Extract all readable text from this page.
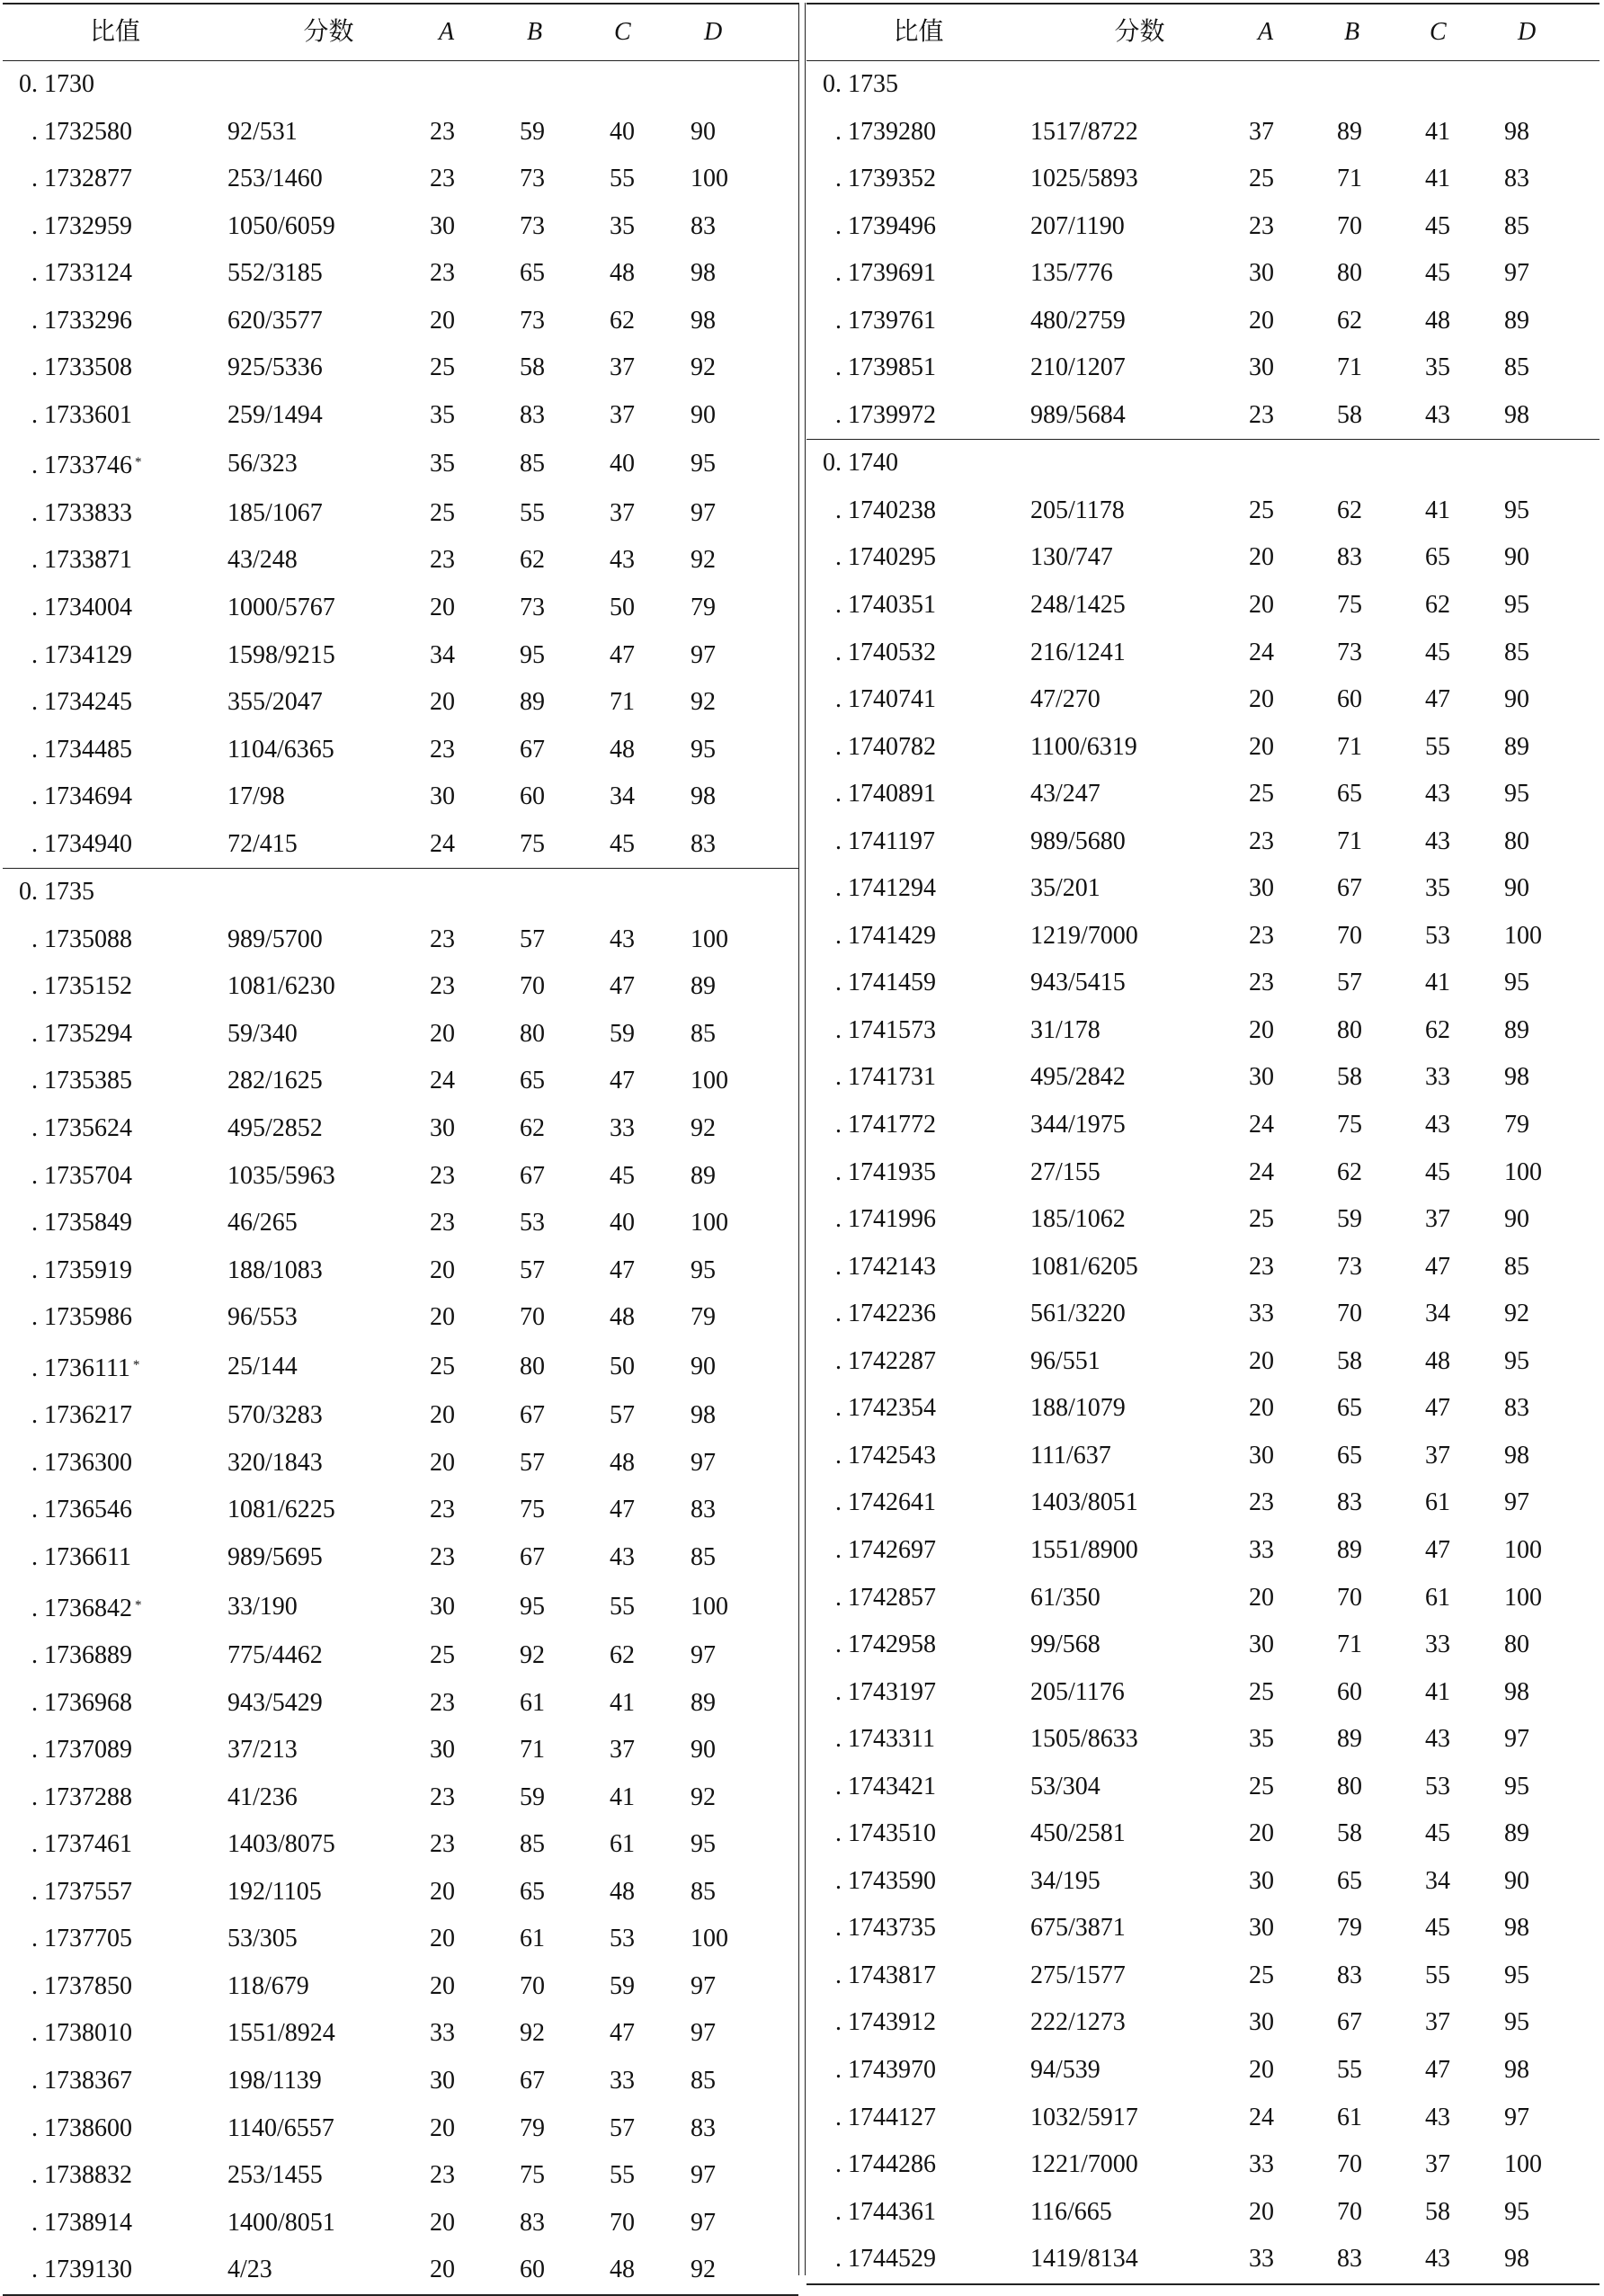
比值	分数	A	B	C	D
0. 1730					
. 1732580	92/531	23	59	40	90
. 1732877	253/1460	23	73	55	100
. 1732959	1050/6059	30	73	35	83
. 1733124	552/3185	23	65	48	98
. 1733296	620/3577	20	73	62	98
. 1733508	925/5336	25	58	37	92
. 1733601	259/1494	35	83	37	90
. 1733746 *	56/323	35	85	40	95
. 1733833	185/1067	25	55	37	97
. 1733871	43/248	23	62	43	92
. 1734004	1000/5767	20	73	50	79
. 1734129	1598/9215	34	95	47	97
. 1734245	355/2047	20	89	71	92
. 1734485	1104/6365	23	67	48	95
. 1734694	17/98	30	60	34	98
. 1734940	72/415	24	75	45	83
0. 1735					
. 1735088	989/5700	23	57	43	100
. 1735152	1081/6230	23	70	47	89
. 1735294	59/340	20	80	59	85
. 1735385	282/1625	24	65	47	100
. 1735624	495/2852	30	62	33	92
. 1735704	1035/5963	23	67	45	89
. 1735849	46/265	23	53	40	100
. 1735919	188/1083	20	57	47	95
. 1735986	96/553	20	70	48	79
. 1736111 *	25/144	25	80	50	90
. 1736217	570/3283	20	67	57	98
. 1736300	320/1843	20	57	48	97
. 1736546	1081/6225	23	75	47	83
. 1736611	989/5695	23	67	43	85
. 1736842 *	33/190	30	95	55	100
. 1736889	775/4462	25	92	62	97
. 1736968	943/5429	23	61	41	89
. 1737089	37/213	30	71	37	90
. 1737288	41/236	23	59	41	92
. 1737461	1403/8075	23	85	61	95
. 1737557	192/1105	20	65	48	85
. 1737705	53/305	20	61	53	100
. 1737850	118/679	20	70	59	97
. 1738010	1551/8924	33	92	47	97
. 1738367	198/1139	30	67	33	85
. 1738600	1140/6557	20	79	57	83
. 1738832	253/1455	23	75	55	97
. 1738914	1400/8051	20	83	70	97
. 1739130	4/23	20	60	48	92
比值	分数	A	B	C	D
0. 1735					
. 1739280	1517/8722	37	89	41	98
. 1739352	1025/5893	25	71	41	83
. 1739496	207/1190	23	70	45	85
. 1739691	135/776	30	80	45	97
. 1739761	480/2759	20	62	48	89
. 1739851	210/1207	30	71	35	85
. 1739972	989/5684	23	58	43	98
0. 1740					
. 1740238	205/1178	25	62	41	95
. 1740295	130/747	20	83	65	90
. 1740351	248/1425	20	75	62	95
. 1740532	216/1241	24	73	45	85
. 1740741	47/270	20	60	47	90
. 1740782	1100/6319	20	71	55	89
. 1740891	43/247	25	65	43	95
. 1741197	989/5680	23	71	43	80
. 1741294	35/201	30	67	35	90
. 1741429	1219/7000	23	70	53	100
. 1741459	943/5415	23	57	41	95
. 1741573	31/178	20	80	62	89
. 1741731	495/2842	30	58	33	98
. 1741772	344/1975	24	75	43	79
. 1741935	27/155	24	62	45	100
. 1741996	185/1062	25	59	37	90
. 1742143	1081/6205	23	73	47	85
. 1742236	561/3220	33	70	34	92
. 1742287	96/551	20	58	48	95
. 1742354	188/1079	20	65	47	83
. 1742543	111/637	30	65	37	98
. 1742641	1403/8051	23	83	61	97
. 1742697	1551/8900	33	89	47	100
. 1742857	61/350	20	70	61	100
. 1742958	99/568	30	71	33	80
. 1743197	205/1176	25	60	41	98
. 1743311	1505/8633	35	89	43	97
. 1743421	53/304	25	80	53	95
. 1743510	450/2581	20	58	45	89
. 1743590	34/195	30	65	34	90
. 1743735	675/3871	30	79	45	98
. 1743817	275/1577	25	83	55	95
. 1743912	222/1273	30	67	37	95
. 1743970	94/539	20	55	47	98
. 1744127	1032/5917	24	61	43	97
. 1744286	1221/7000	33	70	37	100
. 1744361	116/665	20	70	58	95
. 1744529	1419/8134	33	83	43	98
